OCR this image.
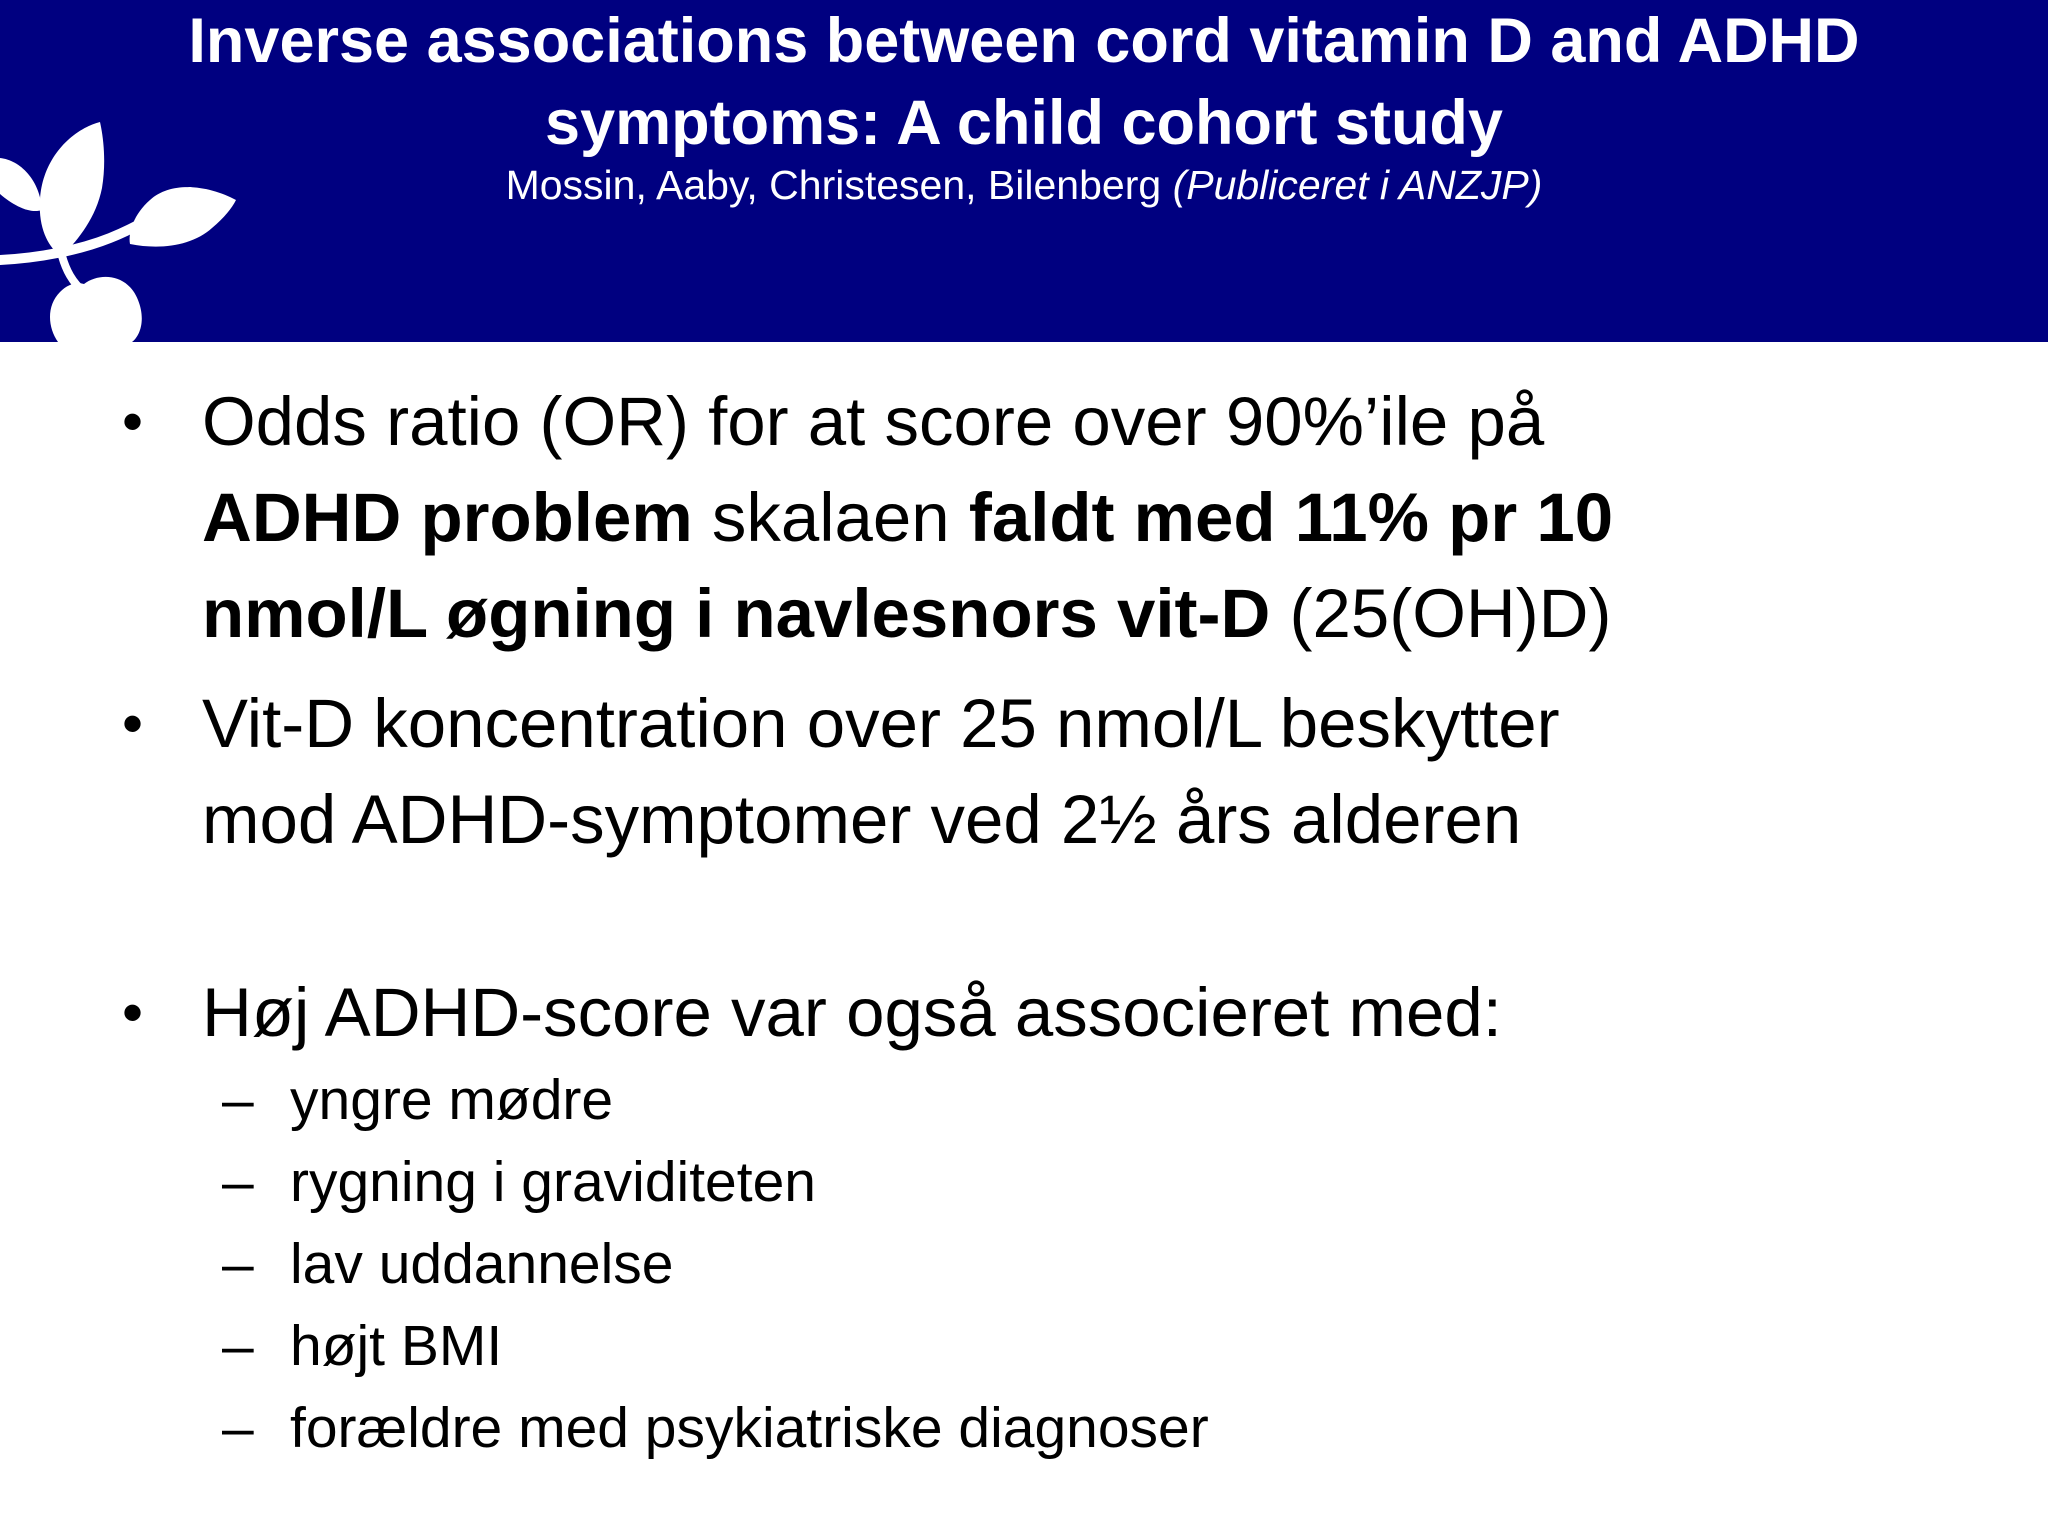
Inverse associations between cord vitamin D and ADHD
symptoms: A child cohort study
Mossin, Aaby, Christesen, Bilenberg (Publiceret i ANZJP)
• Odds ratio (OR) for at score over 90%’ile på
ADHD problem skalaen faldt med 11% pr 10
nmol/L øgning i navlesnors vit-D (25(OH)D)
• Vit-D koncentration over 25 nmol/L beskytter
mod ADHD-symptomer ved 2½ års alderen
• Høj ADHD-score var også associeret med:
– yngre mødre
– rygning i graviditeten
– lav uddannelse
– højt BMI
– forældre med psykiatriske diagnoser
